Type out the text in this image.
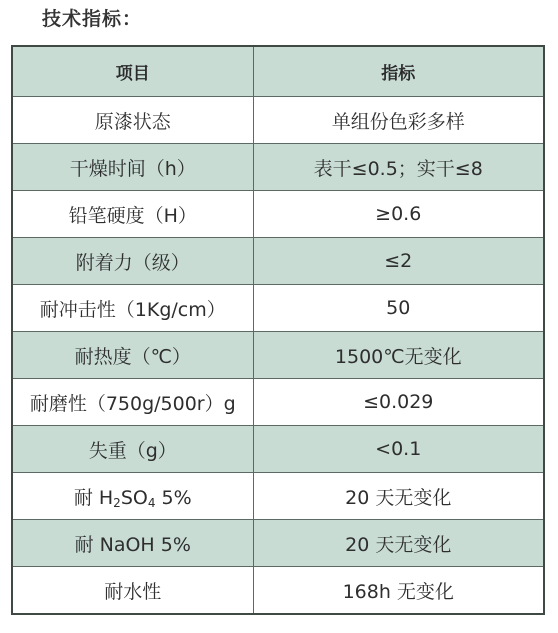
技术指标：
项目	指标
原漆状态	单组份色彩多样
干燥时间（h）	表干≤0.5；实干≤8
铅笔硬度（H）	≥0.6
附着力（级）	≤2
耐冲击性（1Kg/cm）	50
耐热度（℃）	1500℃无变化
耐磨性（750g/500r）g	≤0.029
失重（g）	<0.1
耐 $H_2SO_4$ 5%	20 天无变化
耐 NaOH 5%	20 天无变化
耐水性	168h 无变化
